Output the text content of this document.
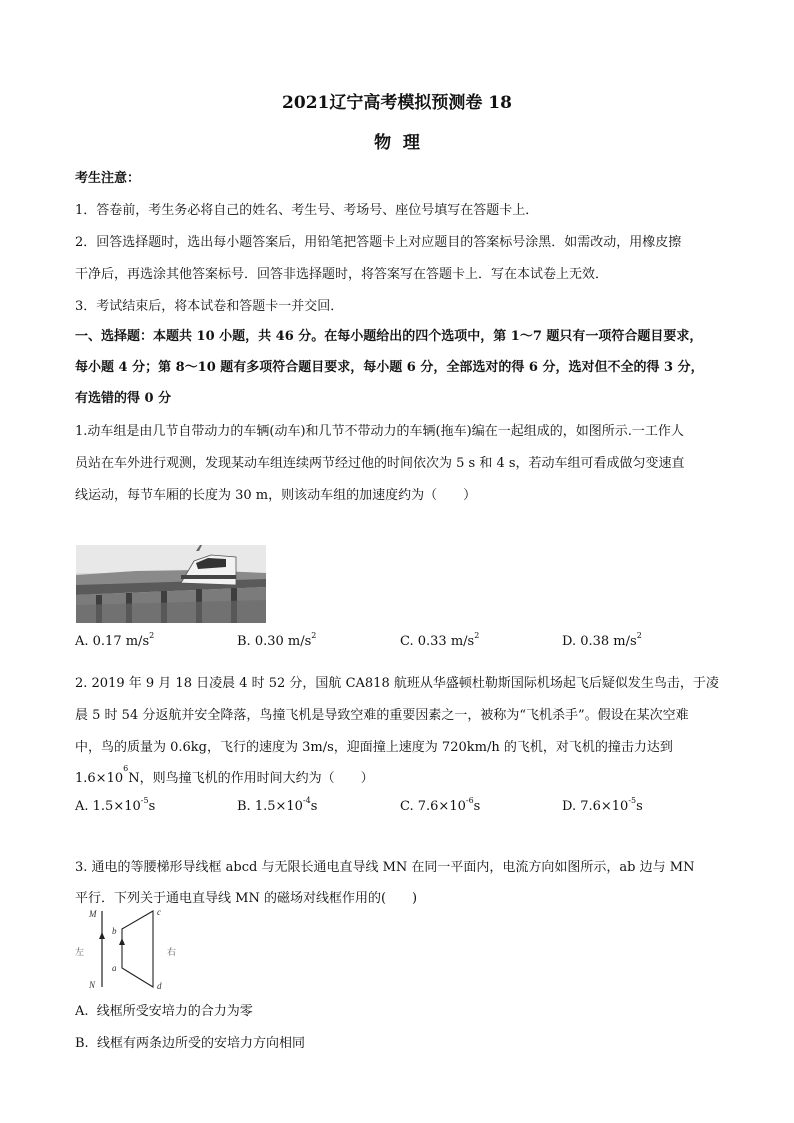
2021辽宁高考模拟预测卷 18
物  理
考生注意：
1．答卷前，考生务必将自己的姓名、考生号、考场号、座位号填写在答题卡上．
2．回答选择题时，选出每小题答案后，用铅笔把答题卡上对应题目的答案标号涂黑．如需改动，用橡皮擦
干净后，再选涂其他答案标号．回答非选择题时，将答案写在答题卡上．写在本试卷上无效．
3．考试结束后，将本试卷和答题卡一并交回．
一、选择题：本题共 10 小题，共 46 分。在每小题给出的四个选项中，第 1～7 题只有一项符合题目要求，
每小题 4 分；第 8～10 题有多项符合题目要求，每小题 6 分，全部选对的得 6 分，选对但不全的得 3 分，
有选错的得 0 分
1.动车组是由几节自带动力的车辆(动车)和几节不带动力的车辆(拖车)编在一起组成的，如图所示.一工作人
员站在车外进行观测，发现某动车组连续两节经过他的时间依次为 5 s 和 4 s，若动车组可看成做匀变速直
线运动，每节车厢的长度为 30 m，则该动车组的加速度约为（　　）
A. 0.17 $m/s^2$	B. 0.30 $m/s^2$	C. 0.33 $m/s^2$	D. 0.38 $m/s^2$
2. 2019 年 9 月 18 日凌晨 4 时 52 分，国航 CA818 航班从华盛顿杜勒斯国际机场起飞后疑似发生鸟击，于凌
晨 5 时 54 分返航并安全降落，鸟撞飞机是导致空难的重要因素之一，被称为“飞机杀手”。假设在某次空难
中，鸟的质量为 0.6kg，飞行的速度为 3m/s，迎面撞上速度为 720km/h 的飞机，对飞机的撞击力达到
$1.6\times 10^6N$，则鸟撞飞机的作用时间大约为（　　）
A. $1.5\times 10^{-5}s$	B. $1.5\times 10^{-4}s$	C. $7.6\times 10^{-6}s$	D. $7.6\times 10^{-5}s$
3. 通电的等腰梯形导线框 abcd 与无限长通电直导线 MN 在同一平面内，电流方向如图所示，ab 边与 MN
平行．下列关于通电直导线 MN 的磁场对线框作用的(　　)
M
N
b
a
c
d
左	右
A.  线框所受安培力的合力为零
B.  线框有两条边所受的安培力方向相同
